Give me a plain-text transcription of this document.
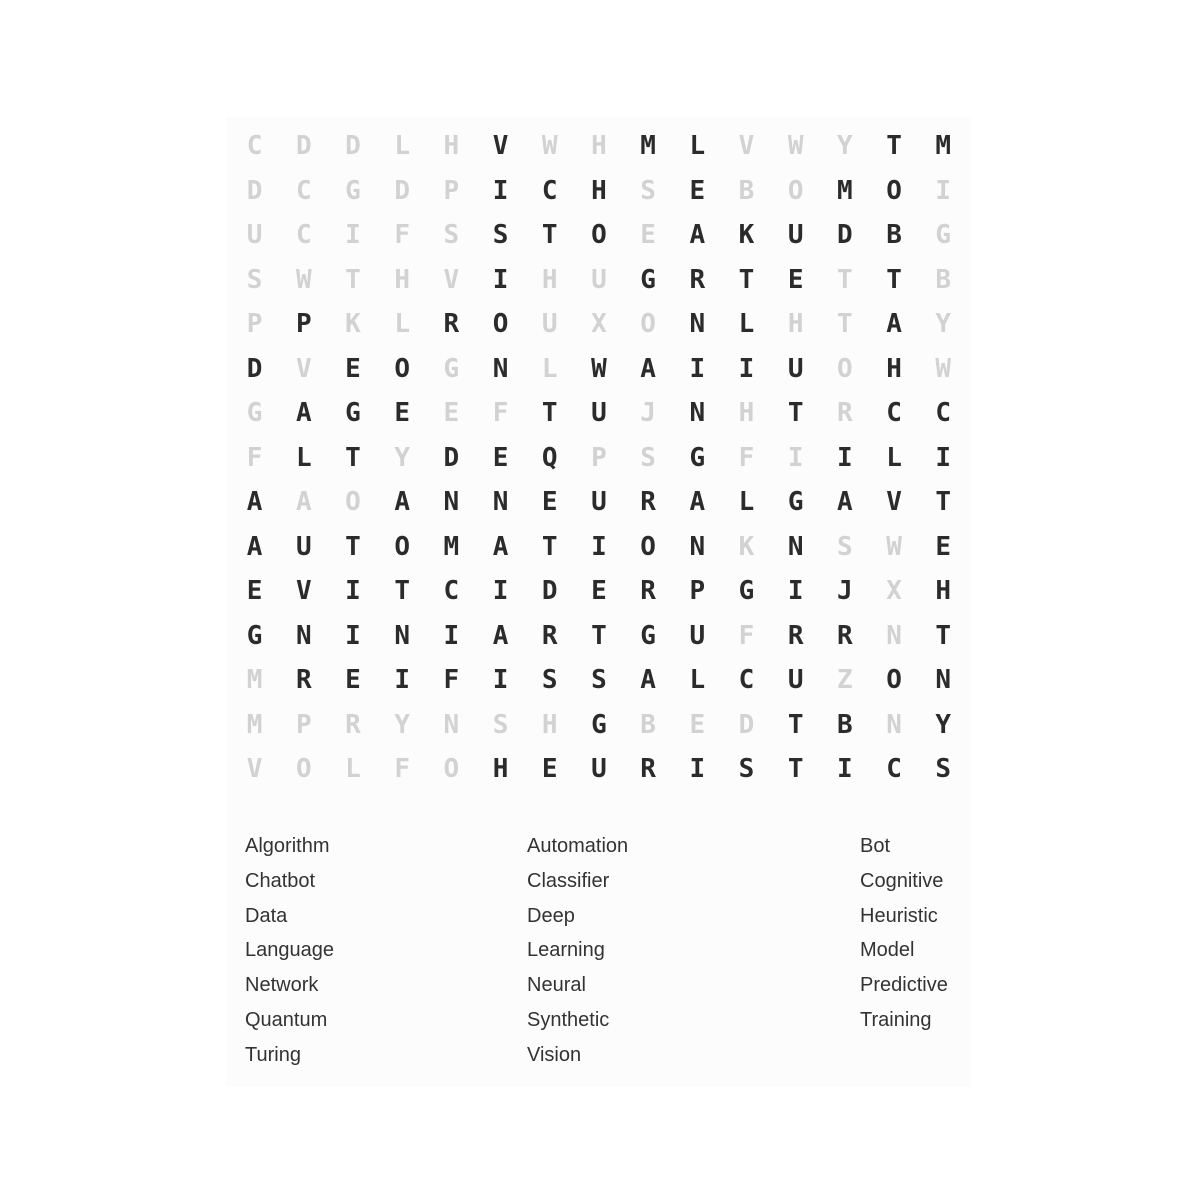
C	D	D	L	H	V	W	H	M	L	V	W	Y	T	M
D	C	G	D	P	I	C	H	S	E	B	O	M	O	I
U	C	I	F	S	S	T	O	E	A	K	U	D	B	G
S	W	T	H	V	I	H	U	G	R	T	E	T	T	B
P	P	K	L	R	O	U	X	O	N	L	H	T	A	Y
D	V	E	O	G	N	L	W	A	I	I	U	O	H	W
G	A	G	E	E	F	T	U	J	N	H	T	R	C	C
F	L	T	Y	D	E	Q	P	S	G	F	I	I	L	I
A	A	O	A	N	N	E	U	R	A	L	G	A	V	T
A	U	T	O	M	A	T	I	O	N	K	N	S	W	E
E	V	I	T	C	I	D	E	R	P	G	I	J	X	H
G	N	I	N	I	A	R	T	G	U	F	R	R	N	T
M	R	E	I	F	I	S	S	A	L	C	U	Z	O	N
M	P	R	Y	N	S	H	G	B	E	D	T	B	N	Y
V	O	L	F	O	H	E	U	R	I	S	T	I	C	S
Algorithm
Chatbot
Data
Language
Network
Quantum
Turing
Automation
Classifier
Deep
Learning
Neural
Synthetic
Vision
Bot
Cognitive
Heuristic
Model
Predictive
Training
